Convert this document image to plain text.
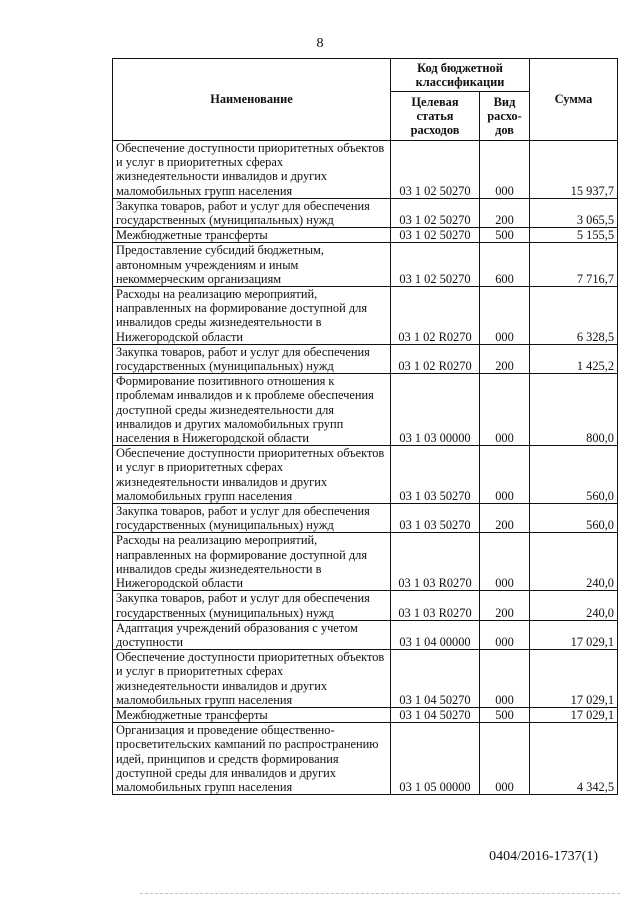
8
Наименование	Код бюджетной классификации		Сумма
	Целевая статья расходов	Вид расхо-дов	
Обеспечение доступности приоритетных объектов и услуг в приоритетных сферах жизнедеятельности инвалидов и других маломобильных групп населения	03 1 02 50270	000	15 937,7
Закупка товаров, работ и услуг для обеспечения государственных (муниципальных) нужд	03 1 02 50270	200	3 065,5
Межбюджетные трансферты	03 1 02 50270	500	5 155,5
Предоставление субсидий бюджетным, автономным учреждениям и иным некоммерческим организациям	03 1 02 50270	600	7 716,7
Расходы на реализацию мероприятий, направленных на формирование доступной для инвалидов среды жизнедеятельности в Нижегородской области	03 1 02 R0270	000	6 328,5
Закупка товаров, работ и услуг для обеспечения государственных (муниципальных) нужд	03 1 02 R0270	200	1 425,2
Формирование позитивного отношения к проблемам инвалидов и к проблеме обеспечения доступной среды жизнедеятельности для инвалидов и других маломобильных групп населения в Нижегородской области	03 1 03 00000	000	800,0
Обеспечение доступности приоритетных объектов и услуг в приоритетных сферах жизнедеятельности инвалидов и других маломобильных групп населения	03 1 03 50270	000	560,0
Закупка товаров, работ и услуг для обеспечения государственных (муниципальных) нужд	03 1 03 50270	200	560,0
Расходы на реализацию мероприятий, направленных на формирование доступной для инвалидов среды жизнедеятельности в Нижегородской области	03 1 03 R0270	000	240,0
Закупка товаров, работ и услуг для обеспечения государственных (муниципальных) нужд	03 1 03 R0270	200	240,0
Адаптация учреждений образования с учетом доступности	03 1 04 00000	000	17 029,1
Обеспечение доступности приоритетных объектов и услуг в приоритетных сферах жизнедеятельности инвалидов и других маломобильных групп населения	03 1 04 50270	000	17 029,1
Межбюджетные трансферты	03 1 04 50270	500	17 029,1
Организация и проведение общественно-просветительских кампаний по распространению идей, принципов и средств формирования доступной среды для инвалидов и других маломобильных групп населения	03 1 05 00000	000	4 342,5
0404/2016-1737(1)
